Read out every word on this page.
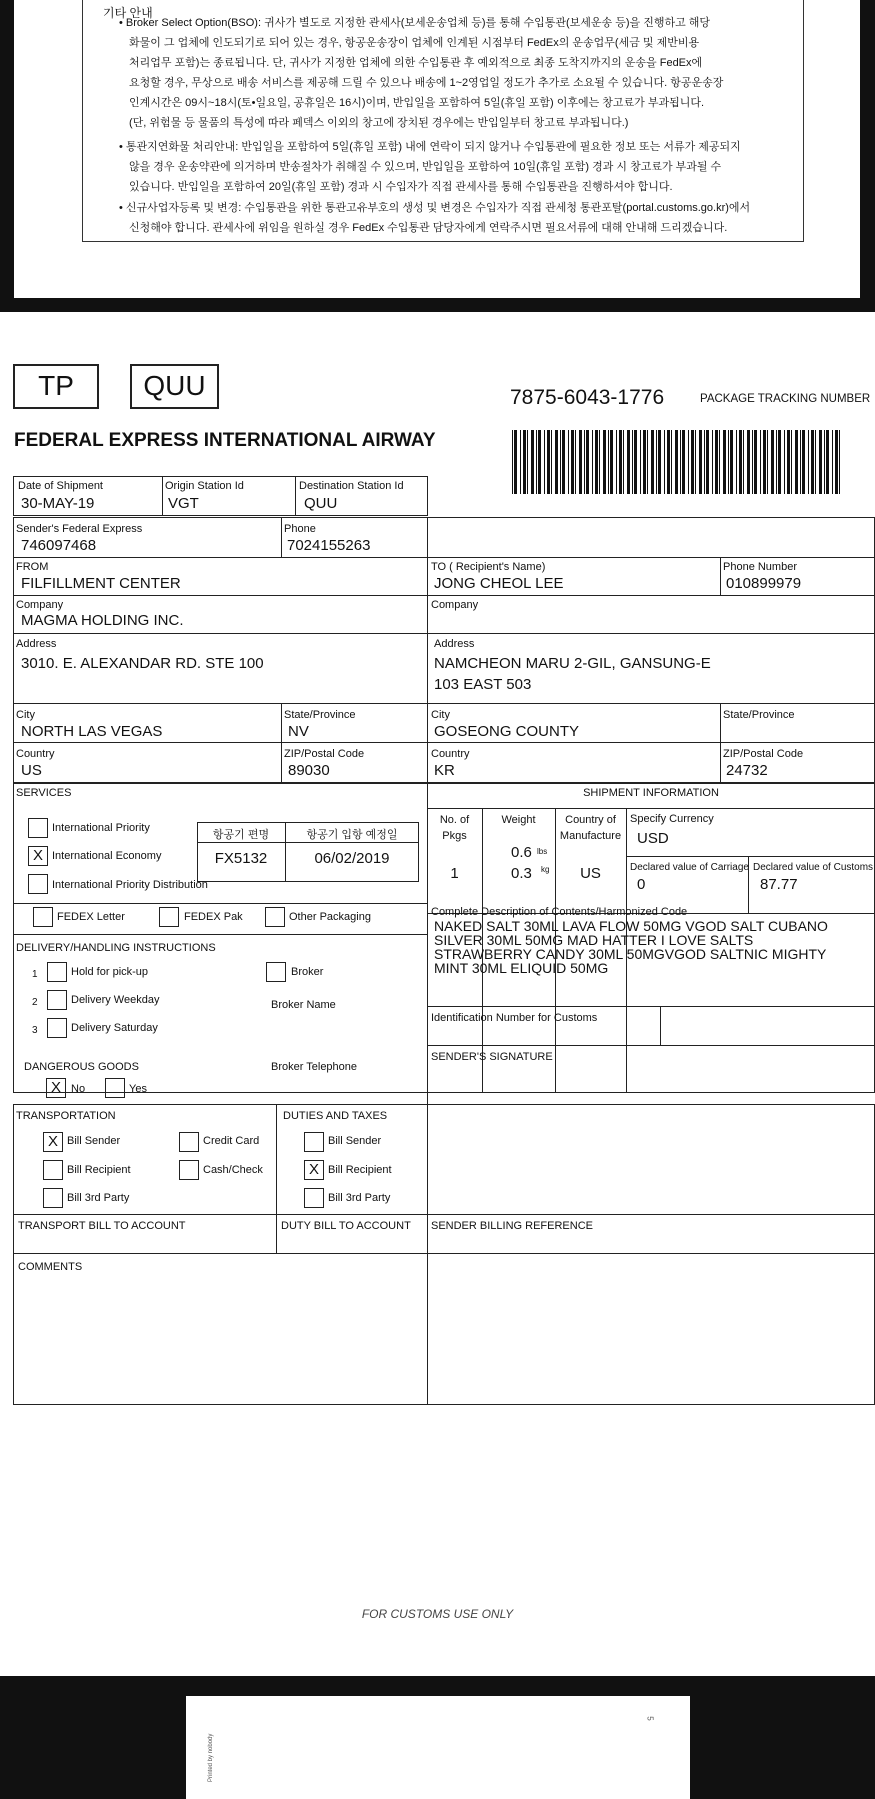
기타 안내
• Broker Select Option(BSO): 귀사가 별도로 지정한 관세사(보세운송업체 등)를 통해 수입통관(보세운송 등)을 진행하고 해당
화물이 그 업체에 인도되기로 되어 있는 경우, 항공운송장이 업체에 인계된 시점부터 FedEx의 운송업무(세금 및 제반비용
처리업무 포함)는 종료됩니다. 단, 귀사가 지정한 업체에 의한 수입통관 후 예외적으로 최종 도착지까지의 운송을 FedEx에
요청할 경우, 무상으로 배송 서비스를 제공해 드릴 수 있으나 배송에 1~2영업일 정도가 추가로 소요될 수 있습니다. 항공운송장
인계시간은 09시~18시(토•일요일, 공휴일은 16시)이며, 반입일을 포함하여 5일(휴일 포함) 이후에는 창고료가 부과됩니다.
(단, 위험물 등 물품의 특성에 따라 페덱스 이외의 창고에 장치된 경우에는 반입일부터 창고료 부과됩니다.)
• 통관지연화물 처리안내: 반입일을 포함하여 5일(휴일 포함) 내에 연락이 되지 않거나 수입통관에 필요한 정보 또는 서류가 제공되지
않을 경우 운송약관에 의거하며 반송절차가 취해질 수 있으며, 반입일을 포함하여 10일(휴일 포함) 경과 시 창고료가 부과될 수
있습니다. 반입일을 포함하여 20일(휴일 포함) 경과 시 수입자가 직접 관세사를 통해 수입통관을 진행하셔야 합니다.
• 신규사업자등록 및 변경: 수입통관을 위한 통관고유부호의 생성 및 변경은 수입자가 직접 관세청 통관포탈(portal.customs.go.kr)에서
신청해야 합니다. 관세사에 위임을 원하실 경우 FedEx 수입통관 담당자에게 연락주시면 필요서류에 대해 안내해 드리겠습니다.
TP	QUU	7875-6043-1776	PACKAGE TRACKING NUMBER
FEDERAL EXPRESS INTERNATIONAL AIRWAY
Date of Shipment
30-MAY-19
Origin Station Id
VGT
Destination Station Id
QUU
Sender's Federal Express
746097468
Phone
7024155263
FROM
FILFILLMENT CENTER
TO ( Recipient's Name)
JONG CHEOL LEE
Phone Number
010899979
Company
MAGMA HOLDING INC.
Company
Address
3010. E. ALEXANDAR RD. STE 100
Address
NAMCHEON MARU 2-GIL, GANSUNG-E
103 EAST 503
City
NORTH LAS VEGAS
State/Province
NV
City
GOSEONG COUNTY
State/Province
Country
US
ZIP/Postal Code
89030
Country
KR
ZIP/Postal Code
24732
SERVICES
International Priority
X International Economy
International Priority Distribution
항공기 편명	항공기 입항 예정일
FX5132	06/02/2019
SHIPMENT INFORMATION
No. of
Pkgs
1
Weight
0.6 lbs
0.3 kg
Country of
Manufacture
US
Specify Currency
USD
Declared value of Carriage
0
Declared value of Customs
87.77
FEDEX Letter	FEDEX Pak	Other Packaging	Complete Description of Contents/Harmonized Code
NAKED SALT 30ML LAVA FLOW 50MG VGOD SALT CUBANO
SILVER 30ML 50MG MAD HATTER I LOVE SALTS
STRAWBERRY CANDY 30ML 50MGVGOD SALTNIC MIGHTY
MINT 30ML ELIQUID 50MG
Identification Number for Customs
SENDER'S SIGNATURE
DELIVERY/HANDLING INSTRUCTIONS
1	Hold for pick-up
2	Delivery Weekday
3	Delivery Saturday
Broker
Broker Name
Broker Telephone
DANGEROUS GOODS
X No	Yes
TRANSPORTATION
X Bill Sender	Credit Card
Bill Recipient	Cash/Check
Bill 3rd Party
DUTIES AND TAXES
Bill Sender
X Bill Recipient
Bill 3rd Party
TRANSPORT BILL TO ACCOUNT	DUTY BILL TO ACCOUNT SENDER BILLING REFERENCE
COMMENTS
FOR CUSTOMS USE ONLY
Printed by nobody
5
